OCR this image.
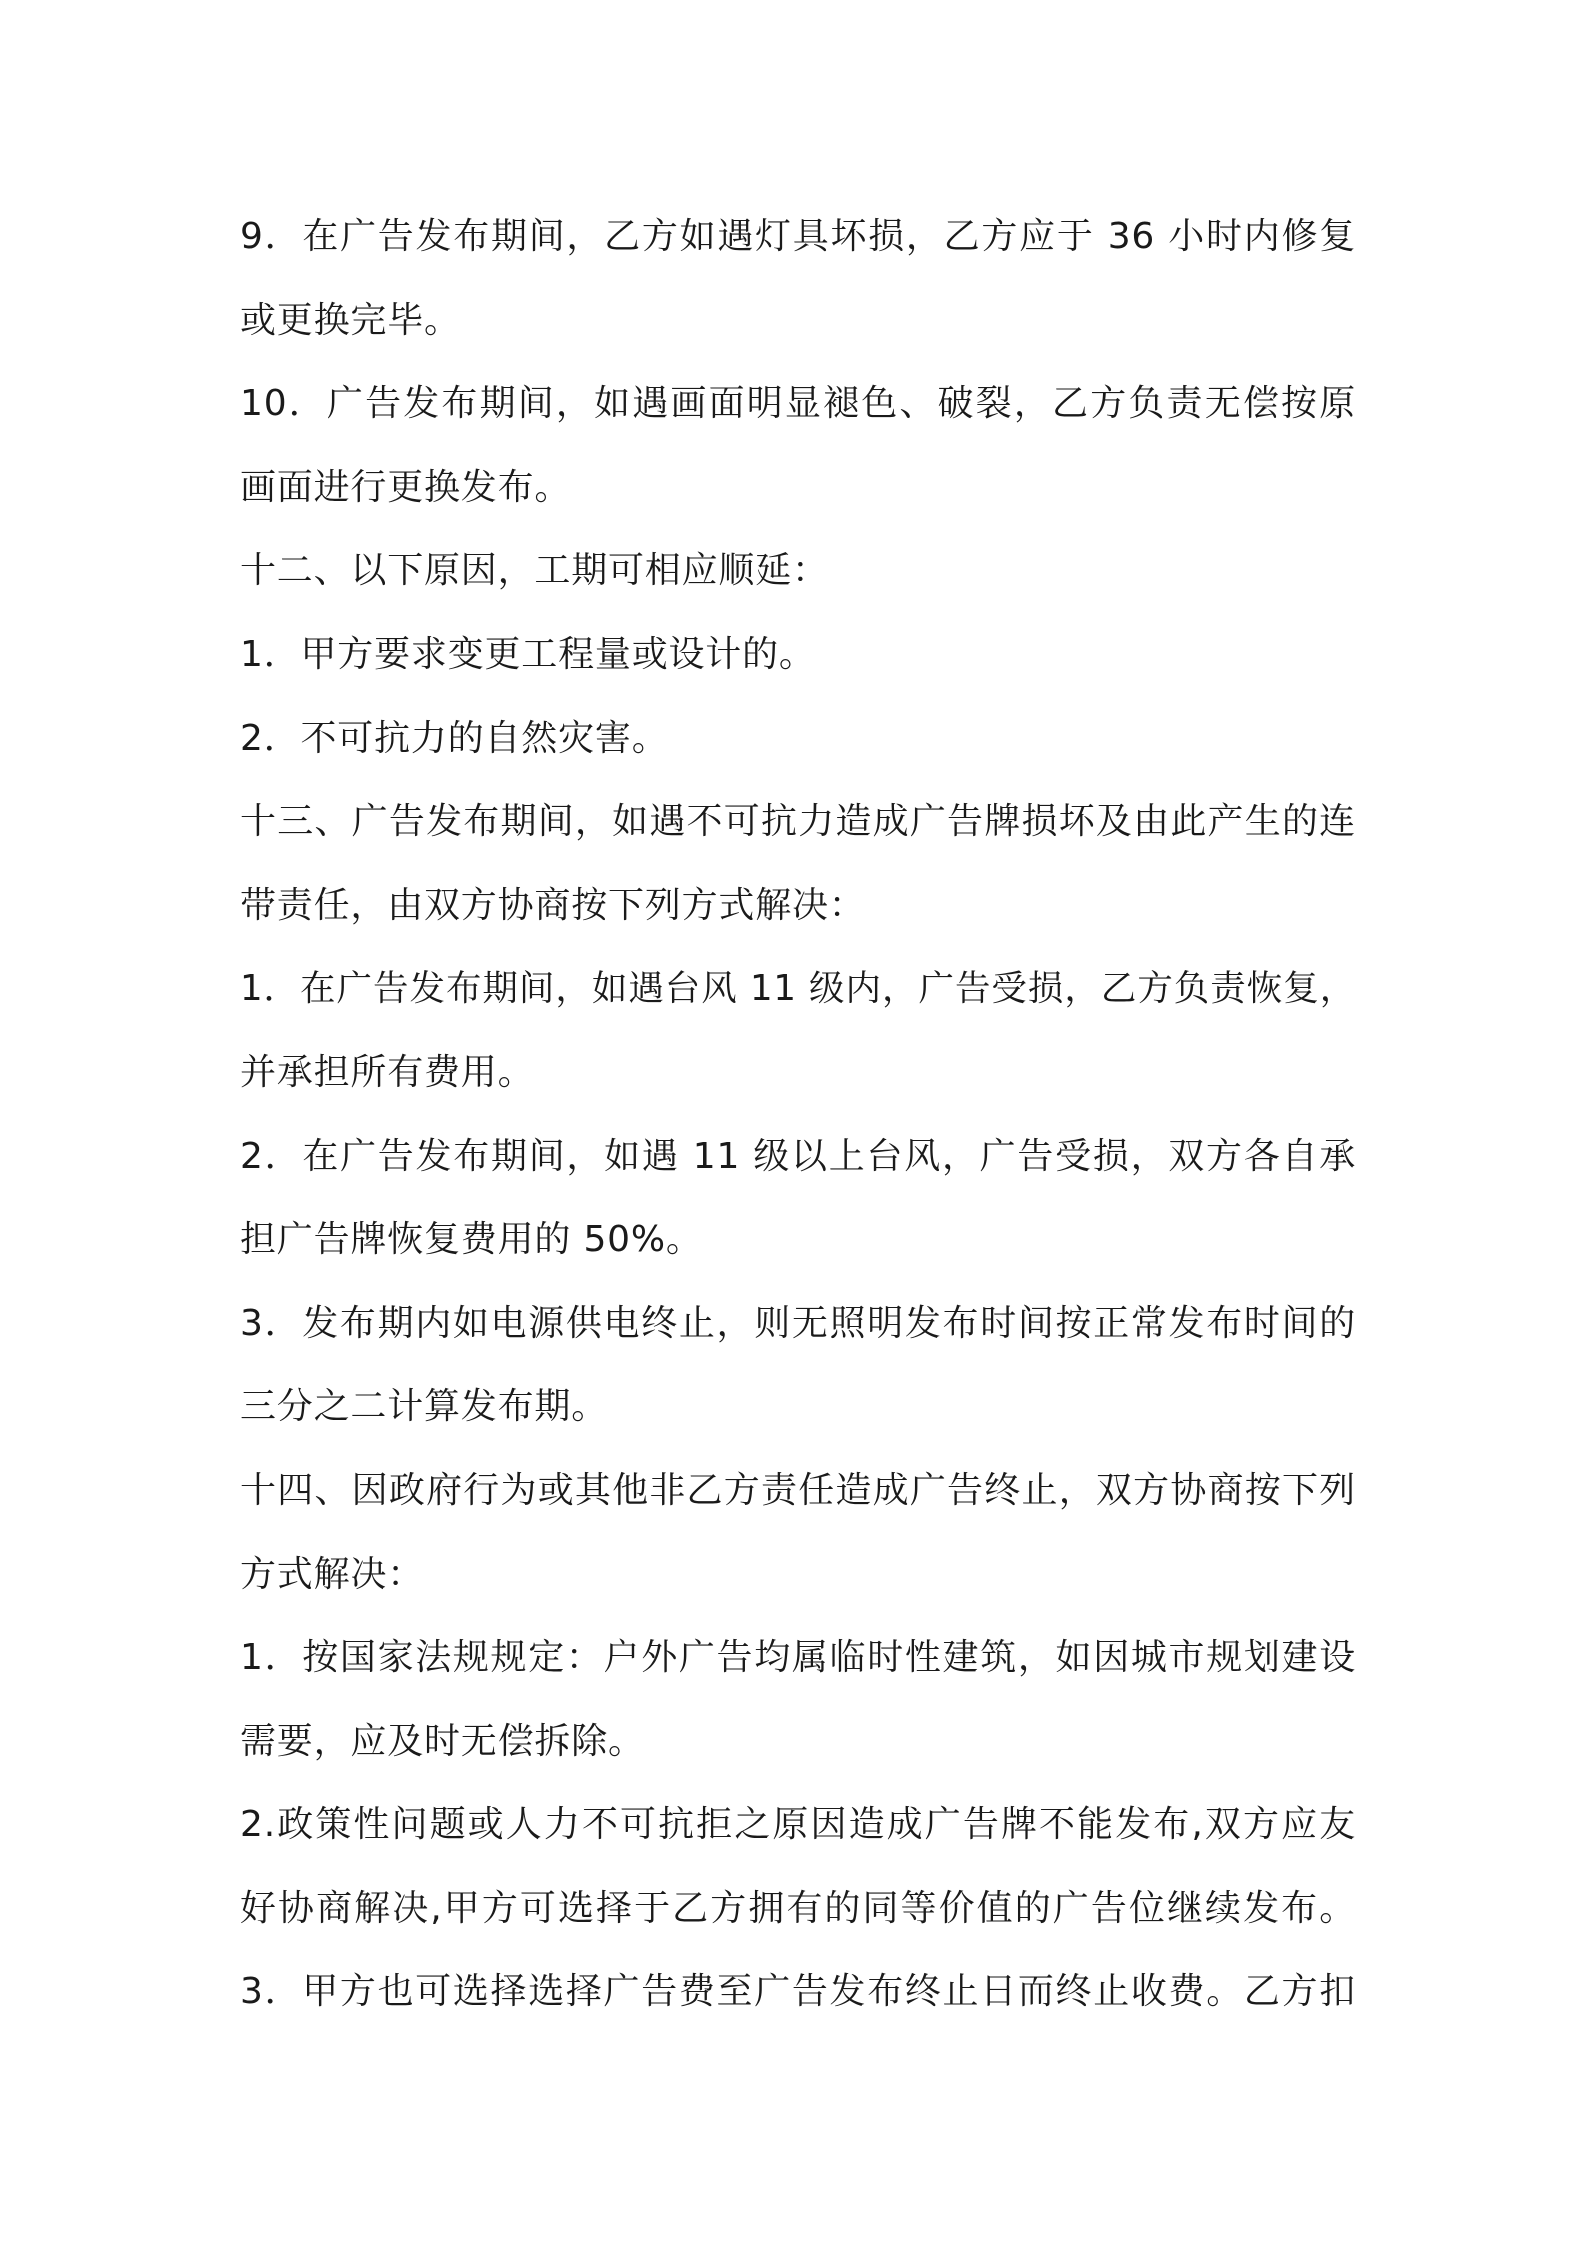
9．在广告发布期间，乙方如遇灯具坏损，乙方应于 36 小时内修复
或更换完毕。
10．广告发布期间，如遇画面明显褪色、破裂，乙方负责无偿按原
画面进行更换发布。
十二、以下原因，工期可相应顺延：
1．甲方要求变更工程量或设计的。
2．不可抗力的自然灾害。
十三、广告发布期间，如遇不可抗力造成广告牌损坏及由此产生的连
带责任，由双方协商按下列方式解决：
1．在广告发布期间，如遇台风 11 级内，广告受损，乙方负责恢复，
并承担所有费用。
2．在广告发布期间，如遇 11 级以上台风，广告受损，双方各自承
担广告牌恢复费用的 50%。
3．发布期内如电源供电终止，则无照明发布时间按正常发布时间的
三分之二计算发布期。
十四、因政府行为或其他非乙方责任造成广告终止，双方协商按下列
方式解决：
1．按国家法规规定：户外广告均属临时性建筑，如因城市规划建设
需要，应及时无偿拆除。
2.政策性问题或人力不可抗拒之原因造成广告牌不能发布,双方应友
好协商解决,甲方可选择于乙方拥有的同等价值的广告位继续发布。
3．甲方也可选择选择广告费至广告发布终止日而终止收费。乙方扣
